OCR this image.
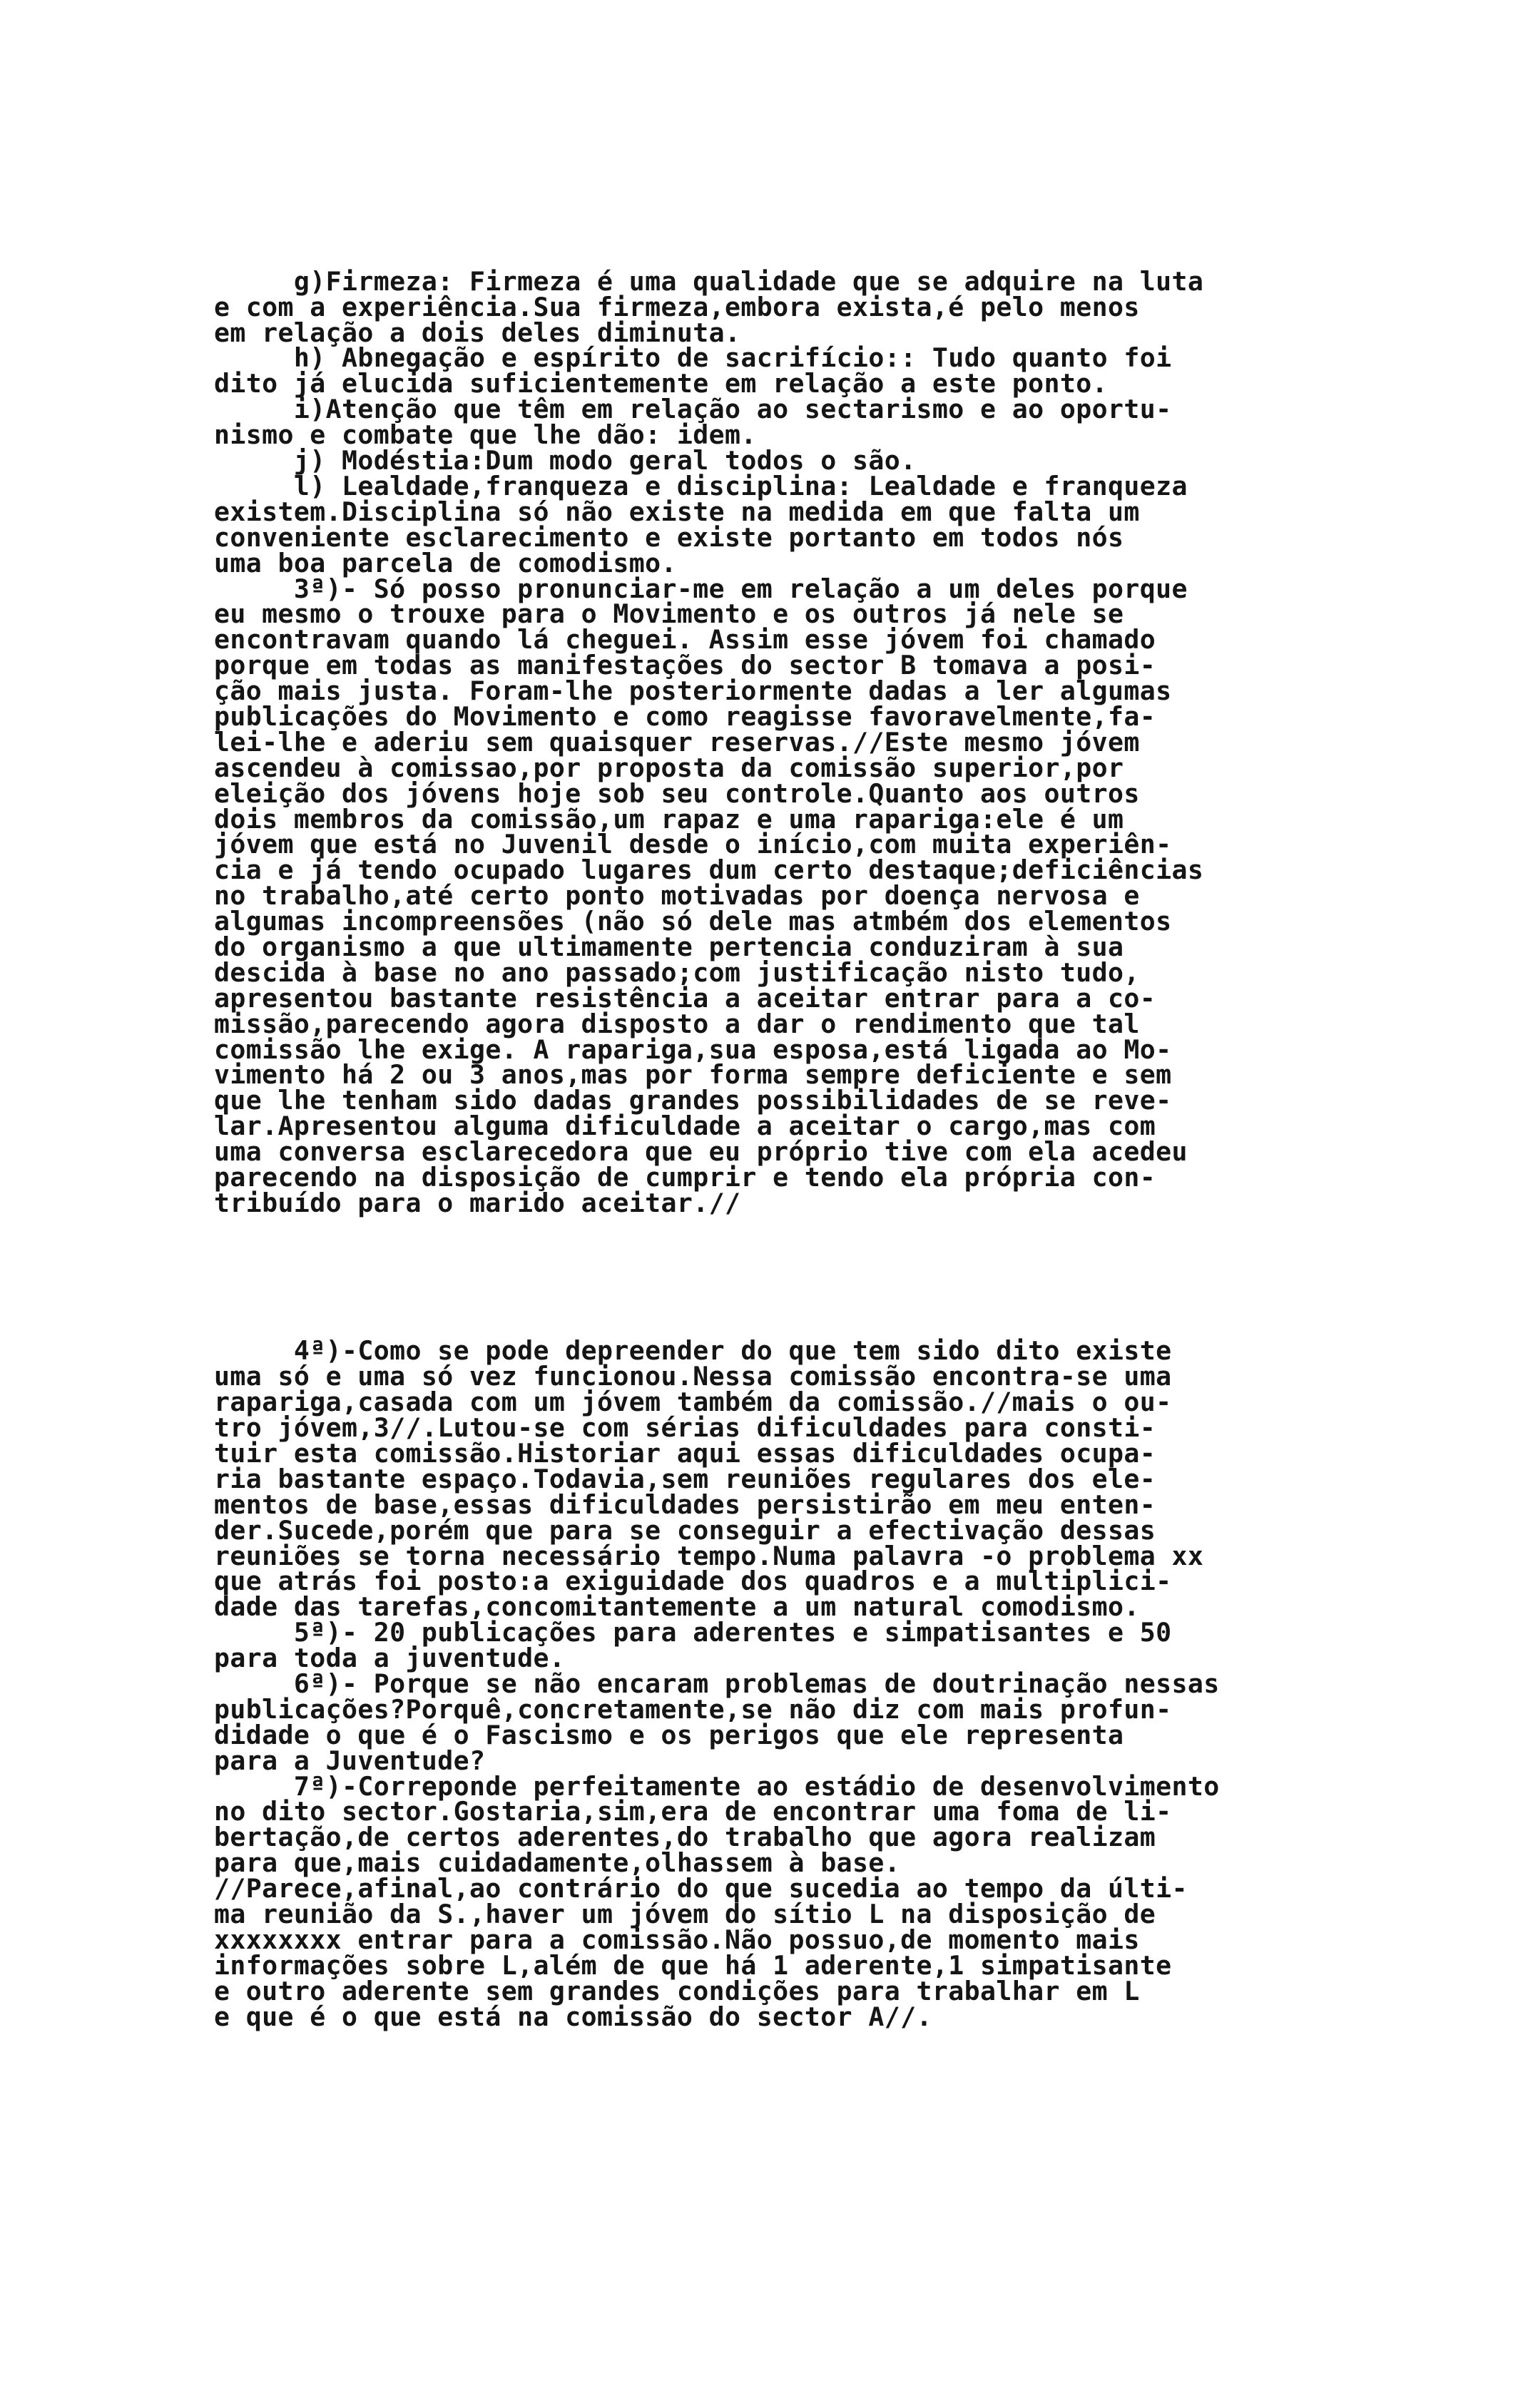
g)Firmeza: Firmeza é uma qualidade que se adquire na luta
e com a experiência.Sua firmeza,embora exista,é pelo menos
em relação a dois deles diminuta.
h) Abnegação e espírito de sacrifício:: Tudo quanto foi
dito já elucida suficientemente em relação a este ponto.
i)Atenção que têm em relação ao sectarismo e ao oportu-
nismo e combate que lhe dão: idem.
j) Modéstia:Dum modo geral todos o são.
l) Lealdade,franqueza e disciplina: Lealdade e franqueza
existem.Disciplina só não existe na medida em que falta um
conveniente esclarecimento e existe portanto em todos nós
uma boa parcela de comodismo.
3ª)- Só posso pronunciar-me em relação a um deles porque
eu mesmo o trouxe para o Movimento e os outros já nele se
encontravam quando lá cheguei. Assim esse jóvem foi chamado
porque em todas as manifestações do sector B tomava a posi-
ção mais justa. Foram-lhe posteriormente dadas a ler algumas
publicações do Movimento e como reagisse favoravelmente,fa-
lei-lhe e aderiu sem quaisquer reservas.//Este mesmo jóvem
ascendeu à comissao,por proposta da comissão superior,por
eleição dos jóvens hoje sob seu controle.Quanto aos outros
dois membros da comissão,um rapaz e uma rapariga:ele é um
jóvem que está no Juvenil desde o início,com muita experiên-
cia e já tendo ocupado lugares dum certo destaque;deficiências
no trabalho,até certo ponto motivadas por doença nervosa e
algumas incompreensões (não só dele mas atmbém dos elementos
do organismo a que ultimamente pertencia conduziram à sua
descida à base no ano passado;com justificação nisto tudo,
apresentou bastante resistência a aceitar entrar para a co-
missão,parecendo agora disposto a dar o rendimento que tal
comissão lhe exige. A rapariga,sua esposa,está ligada ao Mo-
vimento há 2 ou 3 anos,mas por forma sempre deficiente e sem
que lhe tenham sido dadas grandes possibilidades de se reve-
lar.Apresentou alguma dificuldade a aceitar o cargo,mas com
uma conversa esclarecedora que eu próprio tive com ela acedeu
parecendo na disposição de cumprir e tendo ela própria con-
tribuído para o marido aceitar.//

4ª)-Como se pode depreender do que tem sido dito existe
uma só e uma só vez funcionou.Nessa comissão encontra-se uma
rapariga,casada com um jóvem também da comissão.//mais o ou-
tro jóvem,3//.Lutou-se com sérias dificuldades para consti-
tuir esta comissão.Historiar aqui essas dificuldades ocupa-
ria bastante espaço.Todavia,sem reuniões regulares dos ele-
mentos de base,essas dificuldades persistirão em meu enten-
der.Sucede,porém que para se conseguir a efectivação dessas
reuniões se torna necessário tempo.Numa palavra -o problema xx
que atrás foi posto:a exiguidade dos quadros e a multiplici-
dade das tarefas,concomitantemente a um natural comodismo.
5ª)- 20 publicações para aderentes e simpatisantes e 50
para toda a juventude.
6ª)- Porque se não encaram problemas de doutrinação nessas
publicações?Porquê,concretamente,se não diz com mais profun-
didade o que é o Fascismo e os perigos que ele representa
para a Juventude?
7ª)-Correponde perfeitamente ao estádio de desenvolvimento
no dito sector.Gostaria,sim,era de encontrar uma foma de li-
bertação,de certos aderentes,do trabalho que agora realizam
para que,mais cuidadamente,olhassem à base.
//Parece,afinal,ao contrário do que sucedia ao tempo da últi-
ma reunião da S.,haver um jóvem do sítio L na disposição de
xxxxxxxx entrar para a comissão.Não possuo,de momento mais
informações sobre L,além de que há 1 aderente,1 simpatisante
e outro aderente sem grandes condições para trabalhar em L
e que é o que está na comissão do sector A//.
